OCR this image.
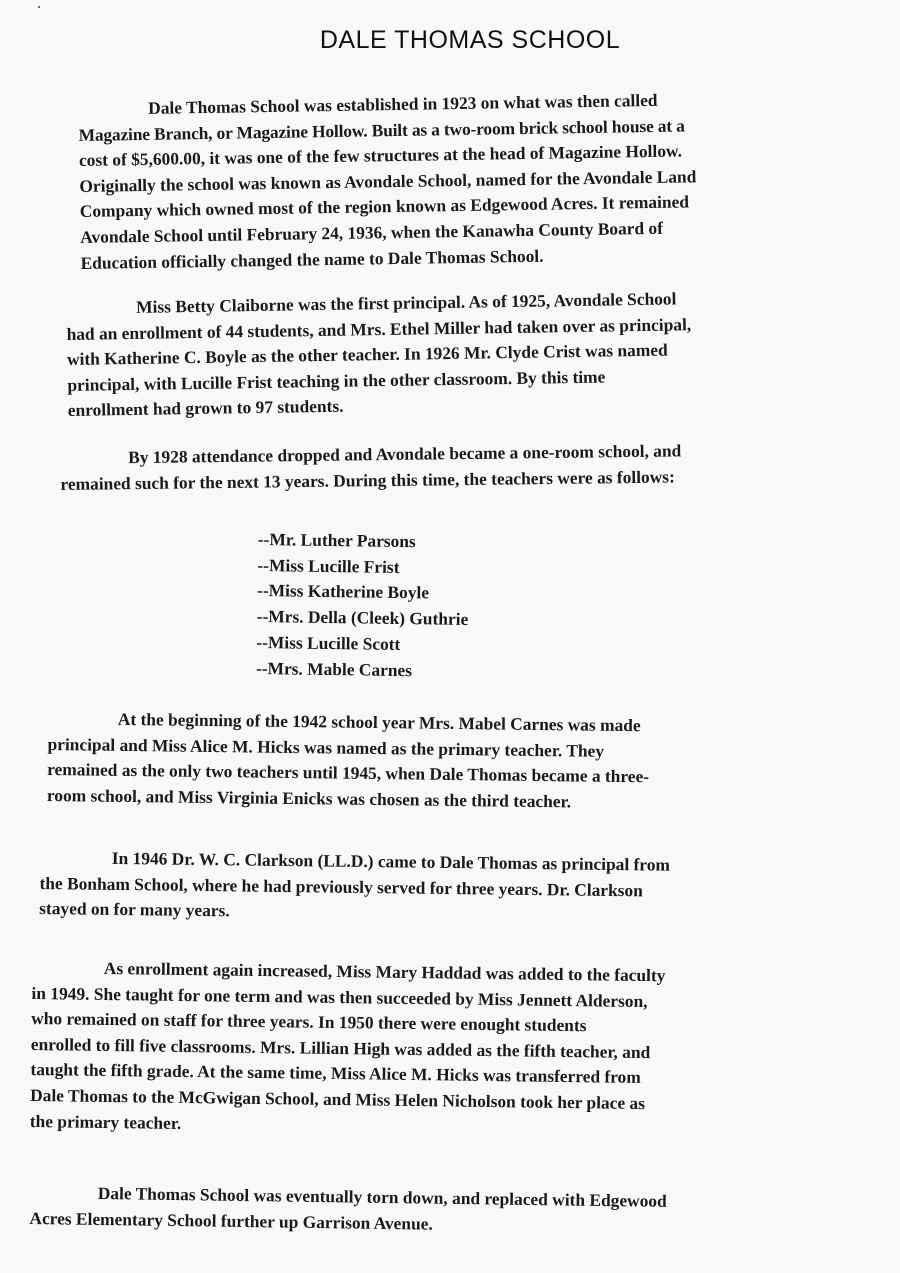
DALE THOMAS SCHOOL
Dale Thomas School was established in 1923 on what was then called
Magazine Branch, or Magazine Hollow. Built as a two-room brick school house at a
cost of $5,600.00, it was one of the few structures at the head of Magazine Hollow.
Originally the school was known as Avondale School, named for the Avondale Land
Company which owned most of the region known as Edgewood Acres. It remained
Avondale School until February 24, 1936, when the Kanawha County Board of
Education officially changed the name to Dale Thomas School.
Miss Betty Claiborne was the first principal. As of 1925, Avondale School
had an enrollment of 44 students, and Mrs. Ethel Miller had taken over as principal,
with Katherine C. Boyle as the other teacher. In 1926 Mr. Clyde Crist was named
principal, with Lucille Frist teaching in the other classroom. By this time
enrollment had grown to 97 students.
By 1928 attendance dropped and Avondale became a one-room school, and
remained such for the next 13 years. During this time, the teachers were as follows:
--Mr. Luther Parsons
--Miss Lucille Frist
--Miss Katherine Boyle
--Mrs. Della (Cleek) Guthrie
--Miss Lucille Scott
--Mrs. Mable Carnes
At the beginning of the 1942 school year Mrs. Mabel Carnes was made
principal and Miss Alice M. Hicks was named as the primary teacher. They
remained as the only two teachers until 1945, when Dale Thomas became a three-
room school, and Miss Virginia Enicks was chosen as the third teacher.
In 1946 Dr. W. C. Clarkson (LL.D.) came to Dale Thomas as principal from
the Bonham School, where he had previously served for three years. Dr. Clarkson
stayed on for many years.
As enrollment again increased, Miss Mary Haddad was added to the faculty
in 1949. She taught for one term and was then succeeded by Miss Jennett Alderson,
who remained on staff for three years. In 1950 there were enought students
enrolled to fill five classrooms. Mrs. Lillian High was added as the fifth teacher, and
taught the fifth grade. At the same time, Miss Alice M. Hicks was transferred from
Dale Thomas to the McGwigan School, and Miss Helen Nicholson took her place as
the primary teacher.
Dale Thomas School was eventually torn down, and replaced with Edgewood
Acres Elementary School further up Garrison Avenue.
